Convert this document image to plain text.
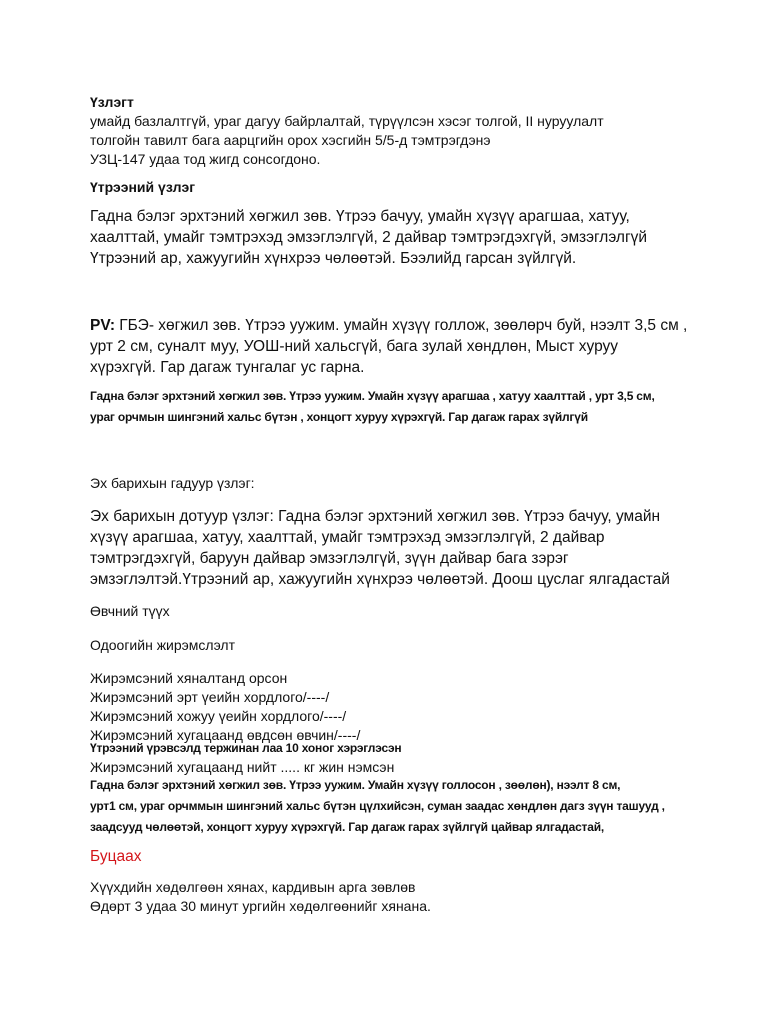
Үзлэгт
умайд базлалтгүй, ураг дагуу байрлалтай, түрүүлсэн хэсэг толгой, II нуруулалт
толгойн тавилт бага аарцгийн орох хэсгийн 5/5-д тэмтрэгдэнэ
УЗЦ-147 удаа тод жигд сонсогдоно.
Үтрээний үзлэг
Гадна бэлэг эрхтэний хөгжил зөв. Үтрээ бачуу, умайн хүзүү арагшаа, хатуу,
хаалттай, умайг тэмтрэхэд эмзэглэлгүй, 2 дайвар тэмтрэгдэхгүй, эмзэглэлгүй
Үтрээний ар, хажуугийн хүнхрээ чөлөөтэй. Бээлийд гарсан зүйлгүй.
PV: ГБЭ- хөгжил зөв. Үтрээ уужим. умайн хүзүү голлож, зөөлөрч буй, нээлт 3,5 см ,
урт 2 см, суналт муу, УОШ-ний хальсгүй, бага зулай хөндлөн, Мыст хуруу
хүрэхгүй. Гар дагаж тунгалаг ус гарна.
Гадна бэлэг эрхтэний хөгжил зөв. Үтрээ уужим. Умайн хүзүү арагшаа , хатуу хаалттай , урт 3,5 см,
ураг орчмын шингэний хальс бүтэн , хонцогт хуруу хүрэхгүй. Гар дагаж гарах зүйлгүй
Эх барихын гадуур үзлэг:
Эх барихын дотуур үзлэг: Гадна бэлэг эрхтэний хөгжил зөв. Үтрээ бачуу, умайн
хүзүү арагшаа, хатуу, хаалттай, умайг тэмтрэхэд эмзэглэлгүй, 2 дайвар
тэмтрэгдэхгүй, баруун дайвар эмзэглэлгүй, зүүн дайвар бага зэрэг
эмзэглэлтэй.Үтрээний ар, хажуугийн хүнхрээ чөлөөтэй. Доош цуслаг ялгадастай
Өвчний түүх
Одоогийн жирэмслэлт
Жирэмсэний хяналтанд орсон
Жирэмсэний эрт үеийн хордлого/----/
Жирэмсэний хожуу үеийн хордлого/----/
Жирэмсэний хугацаанд өвдсөн өвчин/----/
Үтрээний үрэвсэлд тержинан лаа 10 хоног хэрэглэсэн
Жирэмсэний хугацаанд нийт ..... кг жин нэмсэн
Гадна бэлэг эрхтэний хөгжил зөв. Үтрээ уужим. Умайн хүзүү голлосон , зөөлөн), нээлт 8 см,
урт1 см, ураг орчммын шингэний хальс бүтэн цүлхийсэн, суман заадас хөндлөн дагз зүүн ташууд ,
заадсууд чөлөөтэй, хонцогт хуруу хүрэхгүй. Гар дагаж гарах зүйлгүй цайвар ялгадастай,
Буцаах
Хүүхдийн хөдөлгөөн хянах, кардивын арга зөвлөв
Өдөрт 3 удаа 30 минут ургийн хөдөлгөөнийг хянана.
